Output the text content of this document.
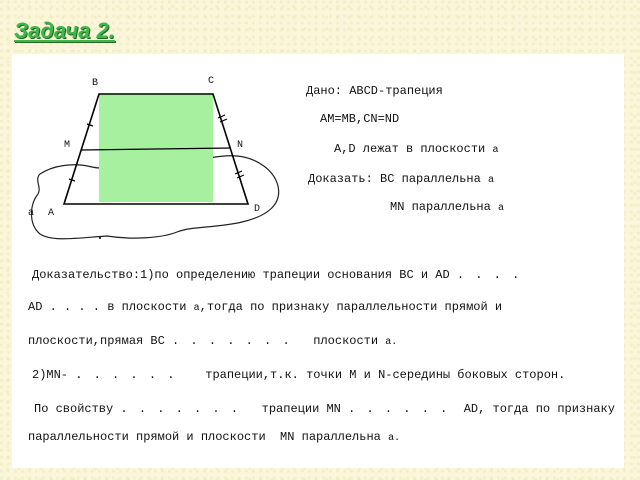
Задача 2.
B	C
M	N
a A	D
Дано: ABCD-трапеция
AM=MB,CN=ND
A,D лежат в плоскости a
Доказать: BC параллельна a
MN параллельна a
Доказательство:1)по определению трапеции основания BC и AD . . . .
AD . . . . в плоскости a,тогда по признаку параллельности прямой и
плоскости,прямая BC . . . . . . . плоскости a.
2)MN- . . . . . . трапеции,т.к. точки M и N-середины боковых сторон.
По свойству . . . . . . . трапеции MN . . . . . . AD, тогда по признаку
параллельности прямой и плоскости MN параллельна a.
